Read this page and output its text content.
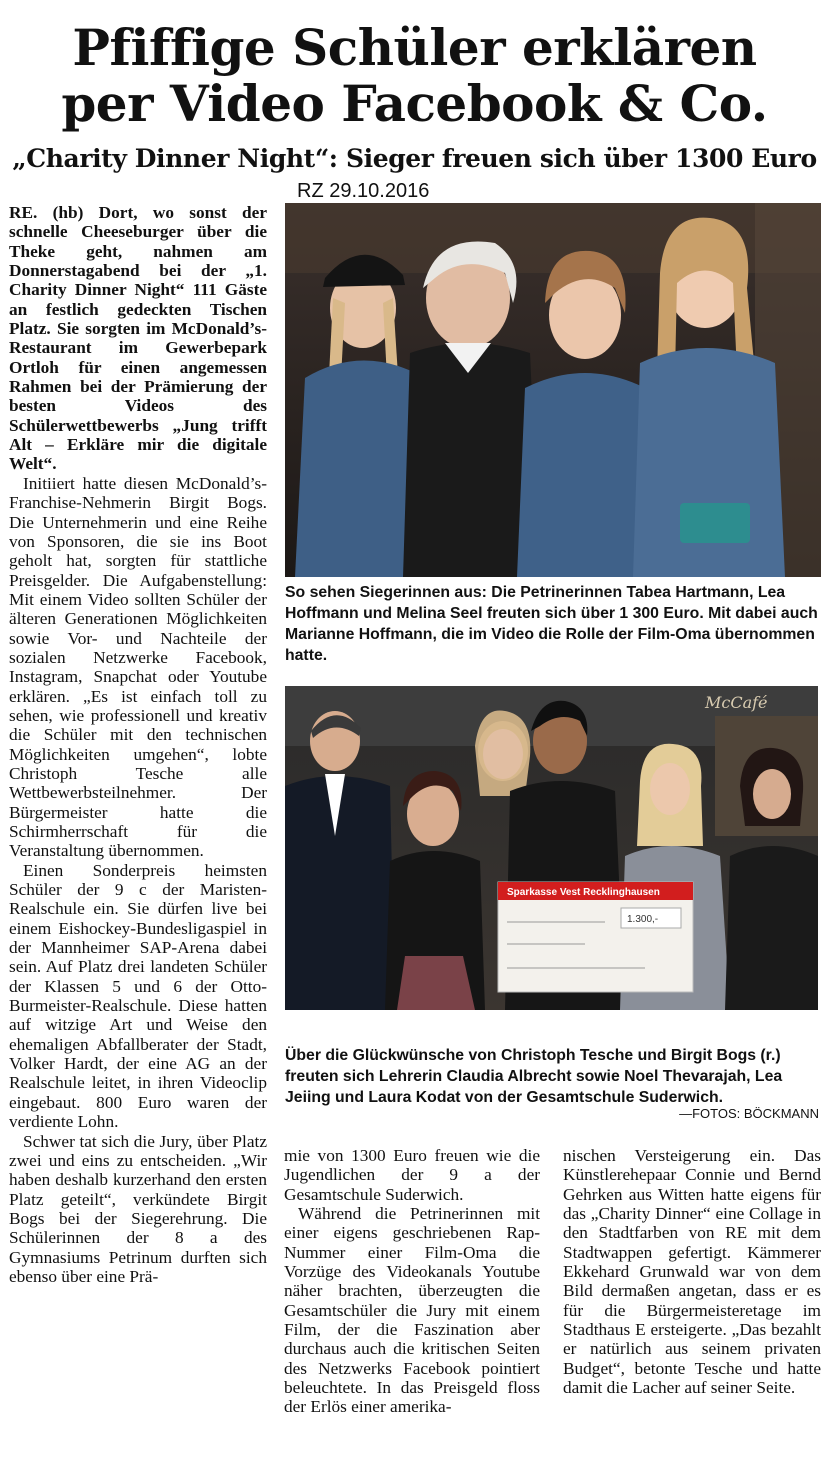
Pfiffige Schüler erklären
per Video Facebook & Co.
„Charity Dinner Night“: Sieger freuen sich über 1300 Euro
RZ 29.10.2016

RE. (hb) Dort, wo sonst der schnelle Cheeseburger über die Theke geht, nahmen am Donnerstagabend bei der „1. Charity Dinner Night“ 111 Gäste an festlich gedeckten Tischen Platz. Sie sorgten im McDonald’s-Restaurant im Gewerbepark Ortloh für einen angemessen Rahmen bei der Prämierung der besten Videos des Schülerwettbewerbs „Jung trifft Alt – Erkläre mir die digitale Welt“.

Initiiert hatte diesen McDonald’s-Franchise-Nehmerin Birgit Bogs. Die Unternehmerin und eine Reihe von Sponsoren, die sie ins Boot geholt hat, sorgten für stattliche Preisgelder. Die Aufgabenstellung: Mit einem Video sollten Schüler der älteren Generationen Möglichkeiten sowie Vor- und Nachteile der sozialen Netzwerke Facebook, Instagram, Snapchat oder Youtube erklären. „Es ist einfach toll zu sehen, wie professionell und kreativ die Schüler mit den technischen Möglichkeiten umgehen“, lobte Christoph Tesche alle Wettbewerbsteilnehmer. Der Bürgermeister hatte die Schirmherrschaft für die Veranstaltung übernommen.

Einen Sonderpreis heimsten Schüler der 9 c der Maristen-Realschule ein. Sie dürfen live bei einem Eishockey-Bundesligaspiel in der Mannheimer SAP-Arena dabei sein. Auf Platz drei landeten Schüler der Klassen 5 und 6 der Otto-Burmeister-Realschule. Diese hatten auf witzige Art und Weise den ehemaligen Abfallberater der Stadt, Volker Hardt, der eine AG an der Realschule leitet, in ihren Videoclip eingebaut. 800 Euro waren der verdiente Lohn.

Schwer tat sich die Jury, über Platz zwei und eins zu entscheiden. „Wir haben deshalb kurzerhand den ersten Platz geteilt“, verkündete Birgit Bogs bei der Siegerehrung. Die Schülerinnen der 8 a des Gymnasiums Petrinum durften sich ebenso über eine Prä-

So sehen Siegerinnen aus: Die Petrinerinnen Tabea Hartmann, Lea Hoffmann und Melina Seel freuten sich über 1 300 Euro. Mit dabei auch Marianne Hoffmann, die im Video die Rolle der Film-Oma übernommen hatte.
McCafé
Sparkasse Vest Recklinghausen
1.300,-
Über die Glückwünsche von Christoph Tesche und Birgit Bogs (r.) freuten sich Lehrerin Claudia Albrecht sowie Noel Thevarajah, Lea Jeiing und Laura Kodat von der Gesamtschule Suderwich.
—FOTOS: BÖCKMANN

mie von 1300 Euro freuen wie die Jugendlichen der 9 a der Gesamtschule Suderwich.

Während die Petrinerinnen mit einer eigens geschriebenen Rap-Nummer einer Film-Oma die Vorzüge des Videokanals Youtube näher brachten, überzeugten die Gesamtschüler die Jury mit einem Film, der die Faszination aber durchaus auch die kritischen Seiten des Netzwerks Facebook pointiert beleuchtete. In das Preisgeld floss der Erlös einer amerika-

nischen Versteigerung ein. Das Künstlerehepaar Connie und Bernd Gehrken aus Witten hatte eigens für das „Charity Dinner“ eine Collage in den Stadtfarben von RE mit dem Stadtwappen gefertigt. Kämmerer Ekkehard Grunwald war von dem Bild dermaßen angetan, dass er es für die Bürgermeisteretage im Stadthaus E ersteigerte. „Das bezahlt er natürlich aus seinem privaten Budget“, betonte Tesche und hatte damit die Lacher auf seiner Seite.
